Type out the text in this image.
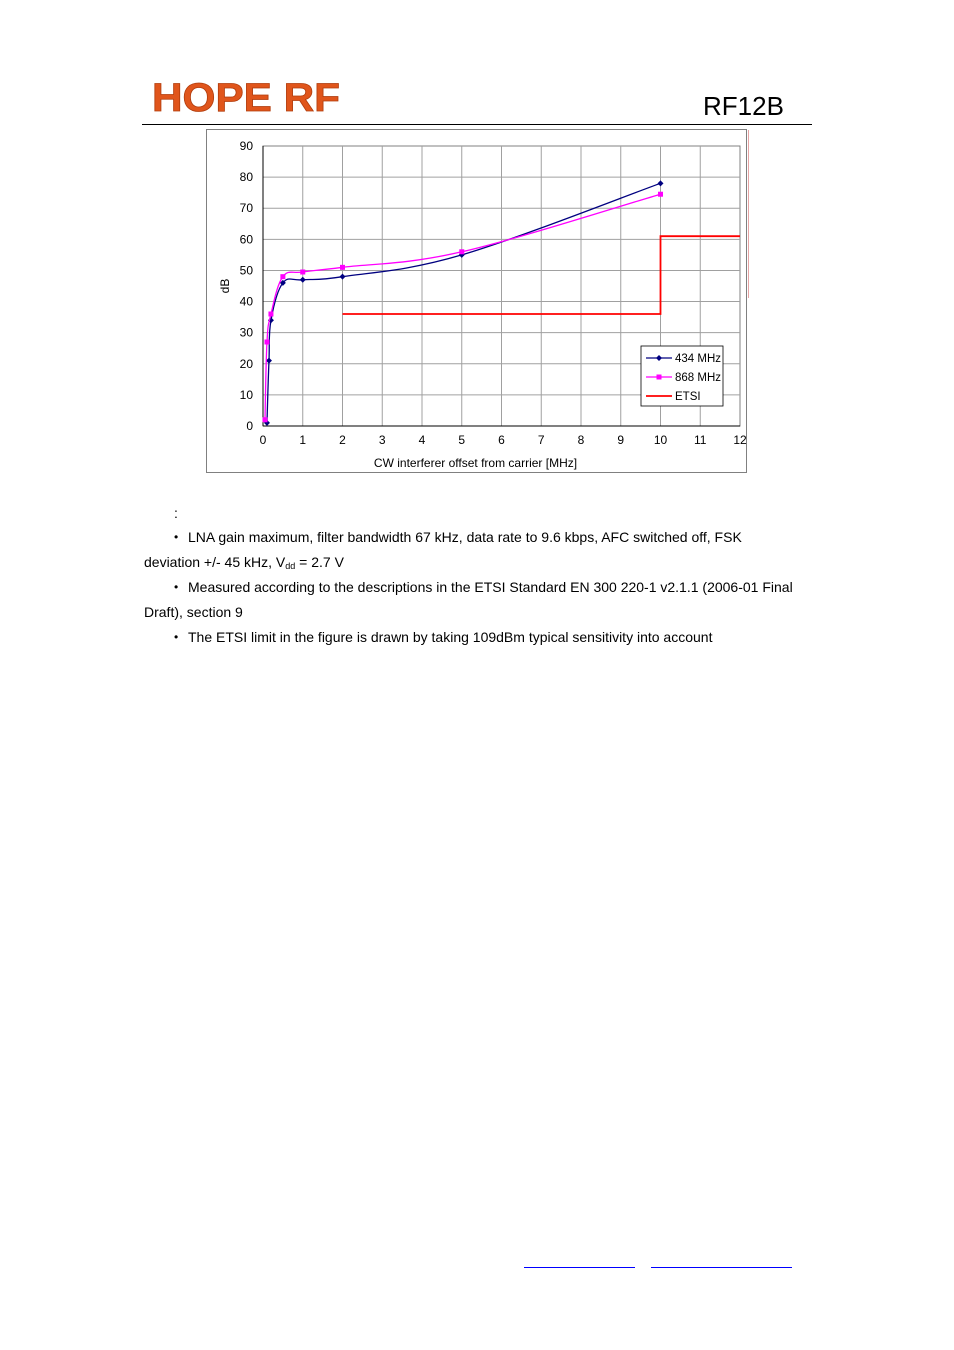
HOPE RF	RF12B
0	1	2	3	4	5	6	7	8	9 10 11 12
0
10
20
30
40
50
60
70
80
90
CW interferer offset from carrier [MHz]
dB
434 MHz
868 MHz
ETSI
:
• LNA gain maximum, filter bandwidth 67 kHz, data rate to 9.6 kbps, AFC switched off, FSK
deviation +/- 45 kHz, $V_{dd} = 2.7$ V
• Measured according to the descriptions in the ETSI Standard EN 300 220-1 v2.1.1 (2006-01 Final
Draft), section 9
• The ETSI limit in the figure is drawn by taking 109dBm typical sensitivity into account
